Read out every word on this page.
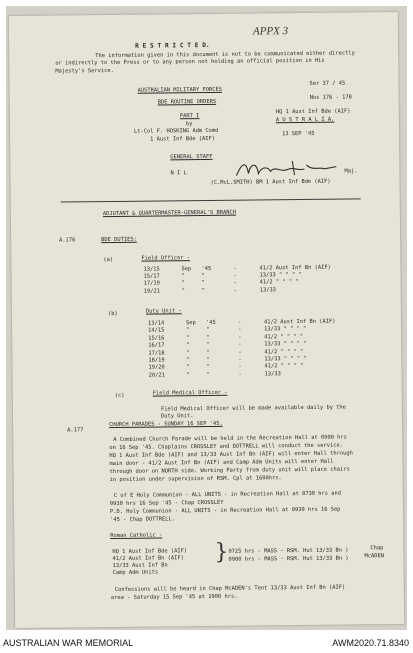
APPX 3
R E S T R I C T E D.
The information given in this document is not to be communicated either directly or indirectly to the Press or to any person not holding an official position in His Majesty's Service.
Ser 37 / 45
AUSTRALIAN MILITARY FORCES
BDE ROUTINE ORDERS
Nos 176 - 178
PART I
by
HQ 1 Aust Inf Bde (AIF)
A U S T R A L I A.
Lt-Col F. HOSKING Adm Comd
1 Aust Inf Bde (AIF)
13 SEP '45
GENERAL STAFF
N I L	Maj.
(C.McL.SMITH) BM 1 Aust Inf Bde (AIF)
ADJUTANT & QUARTERMASTER-GENERAL'S BRANCH
A.176	BDE DUTIES:
(a)	Field Officer -
13/15	Sep '45	-	41/2 Aust Inf Bn (AIF)
15/17	"	"	-	13/33 " " " "
17/19	"	"	-	41/2 " " " "
19/21	"	"	-	13/33
(b)	Duty Unit -
13/14	Sep '45	-	41/2 Aust Inf Bn (AIF)
14/15	"	"	-	13/33 " " " "
15/16	"	"	-	41/2 " " " "
16/17	"	"	-	13/33 " " " "
17/18	"	"	-	41/2 " " " "
18/19	"	"	-	13/33 " " " "
19/20	"	"	-	41/2 " " " "
20/21	"	"	-	13/33
(c)	Field Medical Officer -
Field Medical Officer will be made available daily by the
Duty Unit.
A.177
CHURCH PARADES - SUNDAY 16 SEP '45.
A Combined Church Parade will be held in the Recreation Hall at 0900 hrs
on 16 Sep '45. Chaplains CROSSLEY and DOTTRELL will conduct the service.
HQ 1 Aust Inf Bde (AIF) and 13/33 Aust Inf Bn (AIF) will enter Hall through
main door - 41/2 Aust Inf Bn (AIF) and Camp Adm Units will enter Hall
through door on NORTH side. Working Party from duty unit will place chairs
in position under supervision of RSM. Cpl at 1600hrs.
C of E Holy Communion - ALL UNITS - in Recreation Hall at 0730 hrs and
0930 hrs 16 Sep '45 - Chap CROSSLEY
P.D. Holy Communion - ALL UNITS - in Recreation Hall at 0930 hrs 16 Sep
'45 - Chap DOTTRELL.
Roman Catholic -
HQ 1 Aust Inf Bde (AIF)
41/2 Aust Inf Bn (AIF)
13/33 Aust Inf Bn
Camp Adm Units
} 0725 hrs - MASS - RSM. Hut 13/33 Bn )
0900 hrs - MASS - RSM. Hut 13/33 Bn )
Chap
McADEN
Confessions will be heard in Chap McADEN's Tent 13/33 Aust Inf Bn (AIF)
area - Saturday 15 Sep '45 at 1900 hrs.
AUSTRALIAN WAR MEMORIAL	AWM2020.71.8340
